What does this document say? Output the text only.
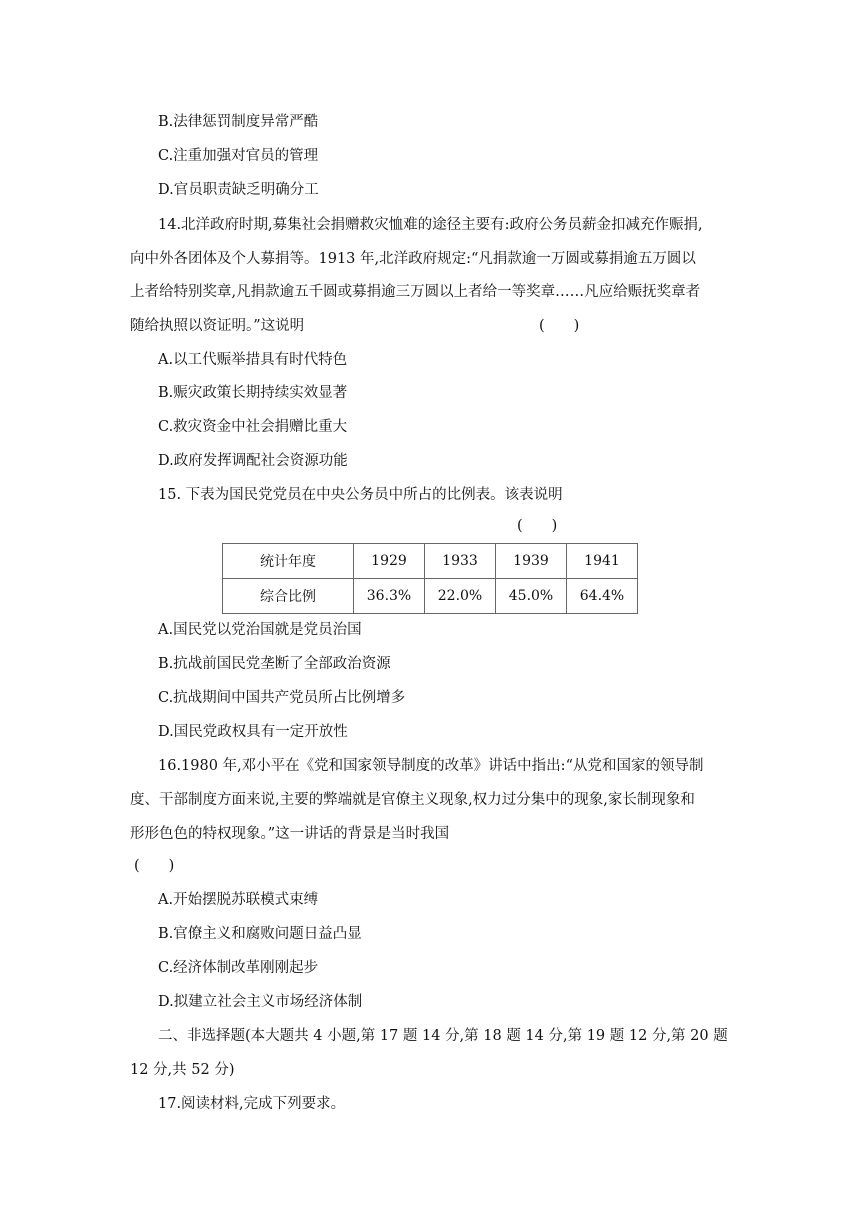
B.法律惩罚制度异常严酷
C.注重加强对官员的管理
D.官员职责缺乏明确分工
14.北洋政府时期,募集社会捐赠救灾恤难的途径主要有:政府公务员薪金扣减充作赈捐,
向中外各团体及个人募捐等。1913 年,北洋政府规定:“凡捐款逾一万圆或募捐逾五万圆以
上者给特别奖章,凡捐款逾五千圆或募捐逾三万圆以上者给一等奖章……凡应给赈抚奖章者
随给执照以资证明。”这说明	(　　)
A.以工代赈举措具有时代特色
B.赈灾政策长期持续实效显著
C.救灾资金中社会捐赠比重大
D.政府发挥调配社会资源功能
15. 下表为国民党党员在中央公务员中所占的比例表。该表说明
(　　)
统计年度	1929	1933	1939	1941
综合比例	36.3%	22.0%	45.0%	64.4%
A.国民党以党治国就是党员治国
B.抗战前国民党垄断了全部政治资源
C.抗战期间中国共产党员所占比例增多
D.国民党政权具有一定开放性
16.1980 年,邓小平在《党和国家领导制度的改革》讲话中指出:“从党和国家的领导制
度、干部制度方面来说,主要的弊端就是官僚主义现象,权力过分集中的现象,家长制现象和
形形色色的特权现象。”这一讲话的背景是当时我国
(　　)
A.开始摆脱苏联模式束缚
B.官僚主义和腐败问题日益凸显
C.经济体制改革刚刚起步
D.拟建立社会主义市场经济体制
二、非选择题(本大题共 4 小题,第 17 题 14 分,第 18 题 14 分,第 19 题 12 分,第 20 题
12 分,共 52 分)
17.阅读材料,完成下列要求。
